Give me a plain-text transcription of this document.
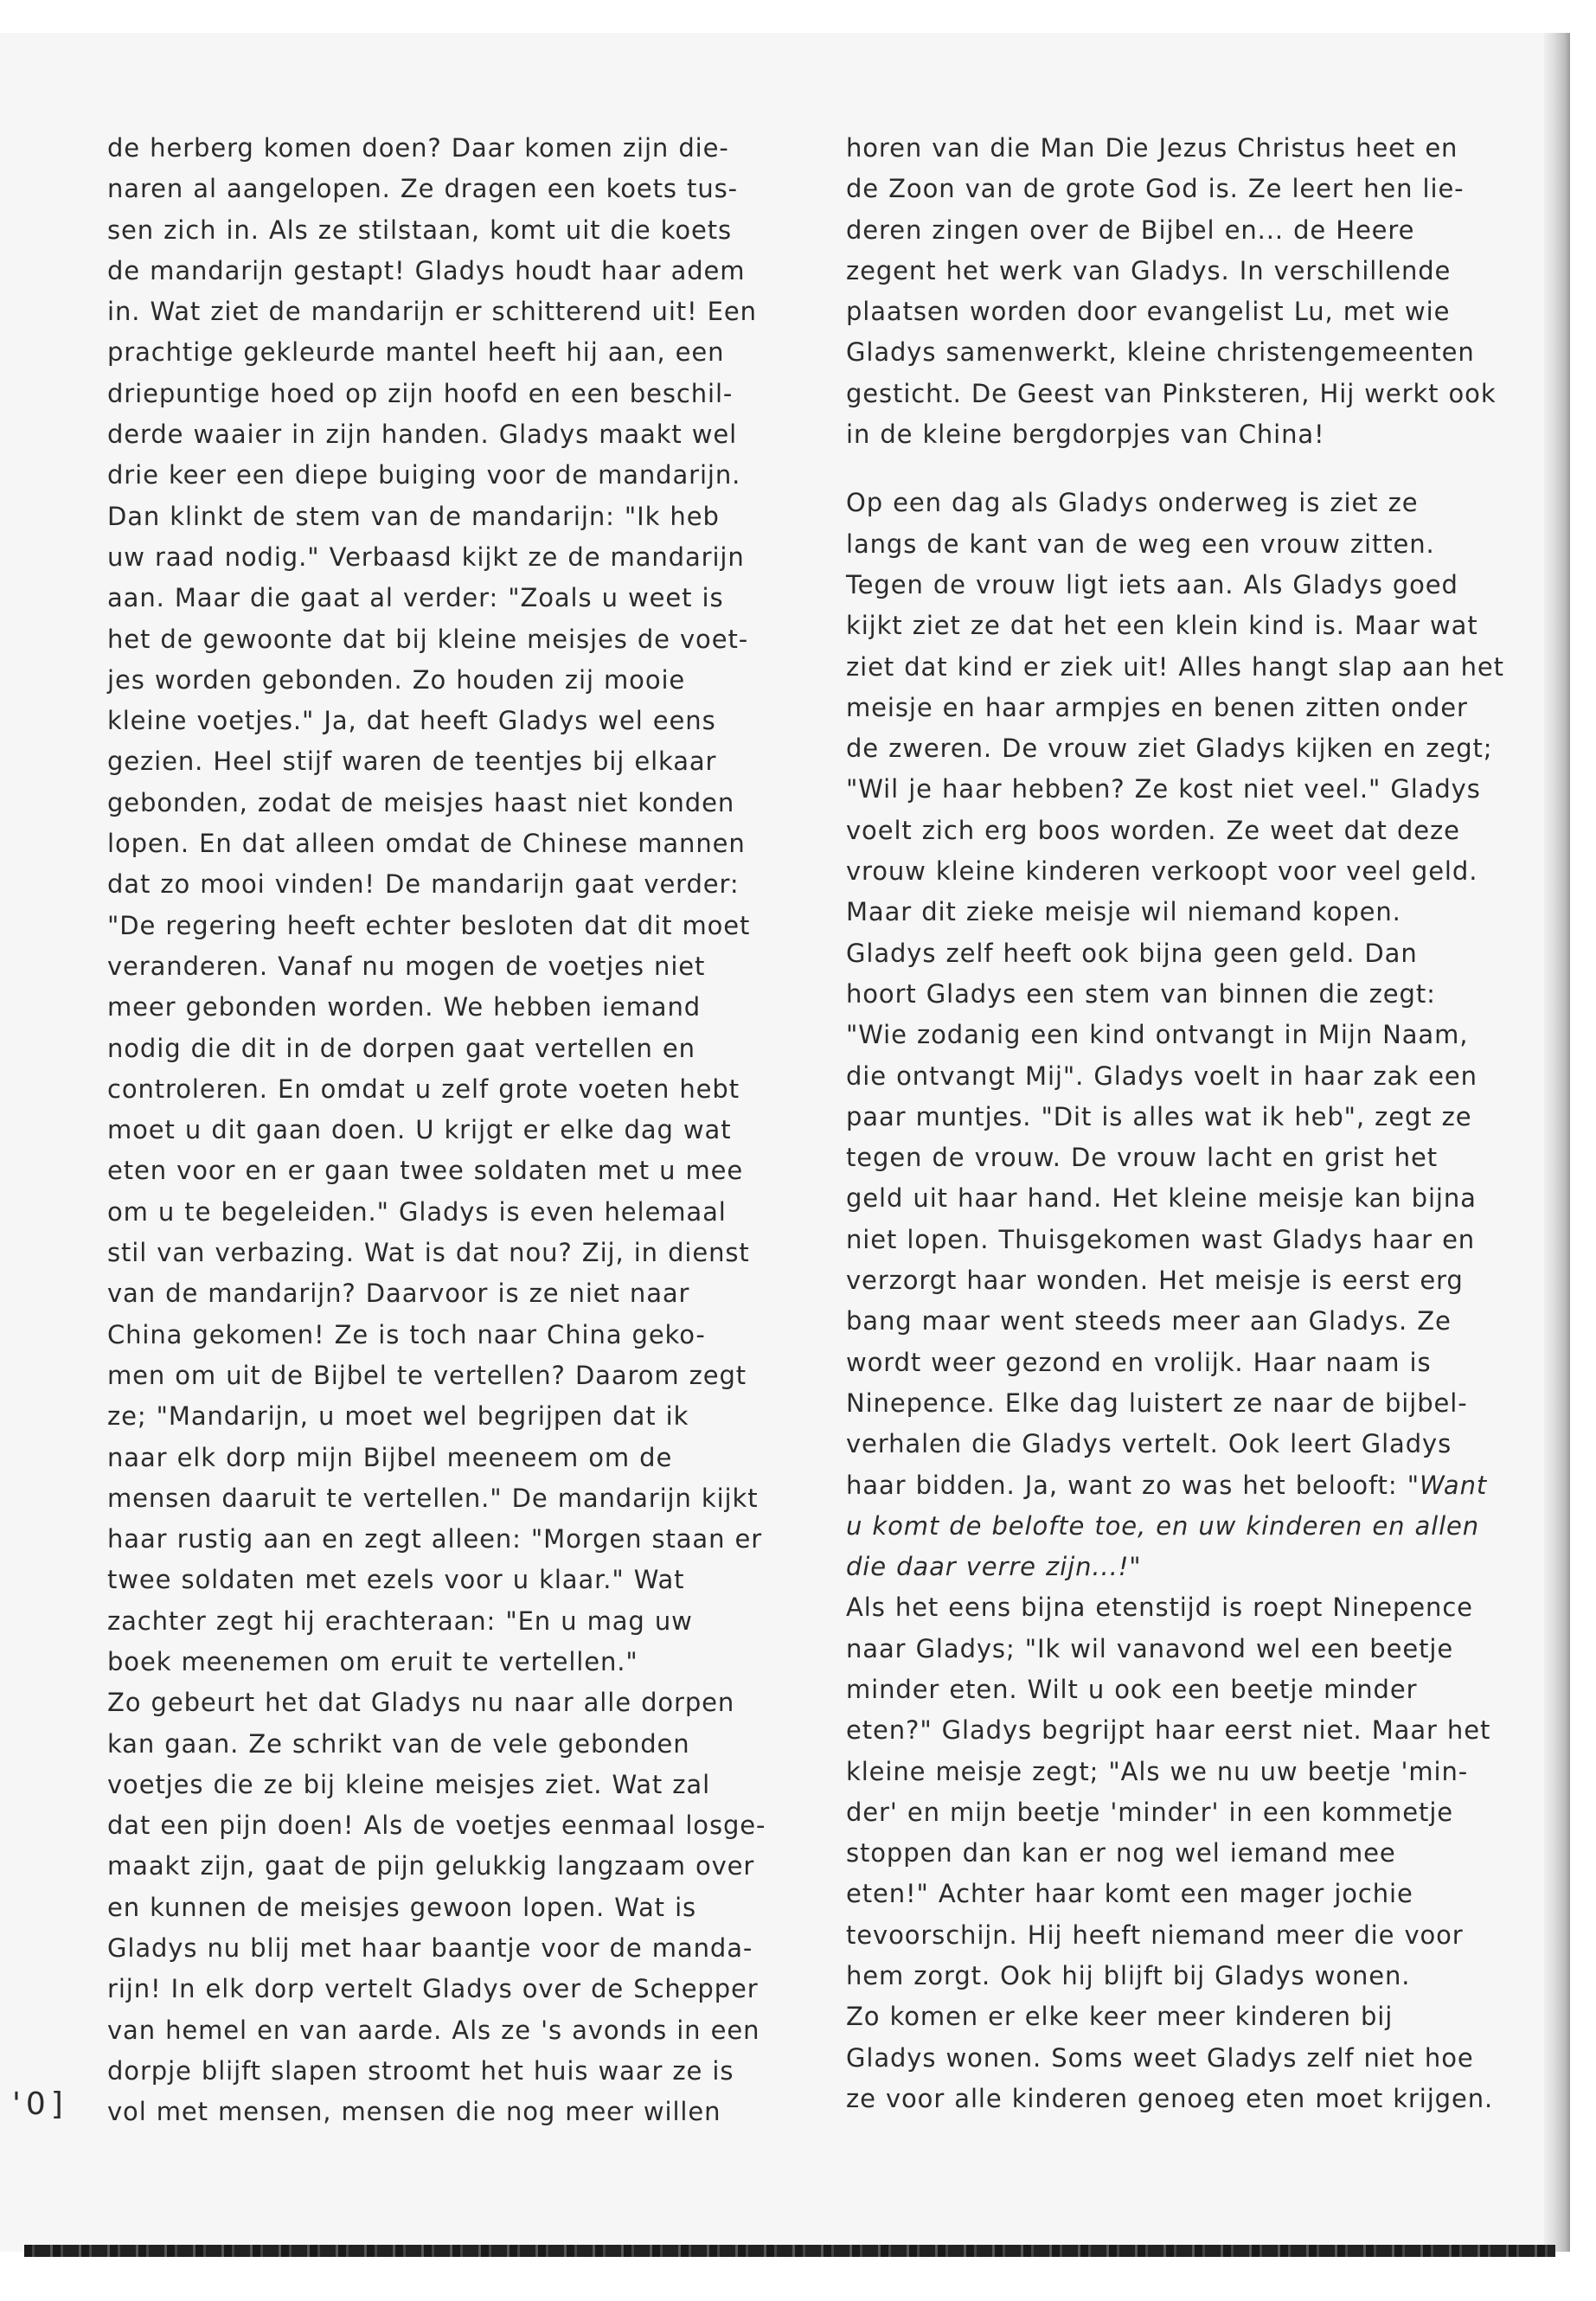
de herberg komen doen? Daar komen zijn die-
naren al aangelopen. Ze dragen een koets tus-
sen zich in. Als ze stilstaan, komt uit die koets
de mandarijn gestapt! Gladys houdt haar adem
in. Wat ziet de mandarijn er schitterend uit! Een
prachtige gekleurde mantel heeft hij aan, een
driepuntige hoed op zijn hoofd en een beschil-
derde waaier in zijn handen. Gladys maakt wel
drie keer een diepe buiging voor de mandarijn.
Dan klinkt de stem van de mandarijn: "Ik heb
uw raad nodig." Verbaasd kijkt ze de mandarijn
aan. Maar die gaat al verder: "Zoals u weet is
het de gewoonte dat bij kleine meisjes de voet-
jes worden gebonden. Zo houden zij mooie
kleine voetjes." Ja, dat heeft Gladys wel eens
gezien. Heel stijf waren de teentjes bij elkaar
gebonden, zodat de meisjes haast niet konden
lopen. En dat alleen omdat de Chinese mannen
dat zo mooi vinden! De mandarijn gaat verder:
"De regering heeft echter besloten dat dit moet
veranderen. Vanaf nu mogen de voetjes niet
meer gebonden worden. We hebben iemand
nodig die dit in de dorpen gaat vertellen en
controleren. En omdat u zelf grote voeten hebt
moet u dit gaan doen. U krijgt er elke dag wat
eten voor en er gaan twee soldaten met u mee
om u te begeleiden." Gladys is even helemaal
stil van verbazing. Wat is dat nou? Zij, in dienst
van de mandarijn? Daarvoor is ze niet naar
China gekomen! Ze is toch naar China geko-
men om uit de Bijbel te vertellen? Daarom zegt
ze; "Mandarijn, u moet wel begrijpen dat ik
naar elk dorp mijn Bijbel meeneem om de
mensen daaruit te vertellen." De mandarijn kijkt
haar rustig aan en zegt alleen: "Morgen staan er
twee soldaten met ezels voor u klaar." Wat
zachter zegt hij erachteraan: "En u mag uw
boek meenemen om eruit te vertellen."
Zo gebeurt het dat Gladys nu naar alle dorpen
kan gaan. Ze schrikt van de vele gebonden
voetjes die ze bij kleine meisjes ziet. Wat zal
dat een pijn doen! Als de voetjes eenmaal losge-
maakt zijn, gaat de pijn gelukkig langzaam over
en kunnen de meisjes gewoon lopen. Wat is
Gladys nu blij met haar baantje voor de manda-
rijn! In elk dorp vertelt Gladys over de Schepper
van hemel en van aarde. Als ze 's avonds in een
dorpje blijft slapen stroomt het huis waar ze is
vol met mensen, mensen die nog meer willen
horen van die Man Die Jezus Christus heet en
de Zoon van de grote God is. Ze leert hen lie-
deren zingen over de Bijbel en... de Heere
zegent het werk van Gladys. In verschillende
plaatsen worden door evangelist Lu, met wie
Gladys samenwerkt, kleine christengemeenten
gesticht. De Geest van Pinksteren, Hij werkt ook
in de kleine bergdorpjes van China!
Op een dag als Gladys onderweg is ziet ze
langs de kant van de weg een vrouw zitten.
Tegen de vrouw ligt iets aan. Als Gladys goed
kijkt ziet ze dat het een klein kind is. Maar wat
ziet dat kind er ziek uit! Alles hangt slap aan het
meisje en haar armpjes en benen zitten onder
de zweren. De vrouw ziet Gladys kijken en zegt;
"Wil je haar hebben? Ze kost niet veel." Gladys
voelt zich erg boos worden. Ze weet dat deze
vrouw kleine kinderen verkoopt voor veel geld.
Maar dit zieke meisje wil niemand kopen.
Gladys zelf heeft ook bijna geen geld. Dan
hoort Gladys een stem van binnen die zegt:
"Wie zodanig een kind ontvangt in Mijn Naam,
die ontvangt Mij". Gladys voelt in haar zak een
paar muntjes. "Dit is alles wat ik heb", zegt ze
tegen de vrouw. De vrouw lacht en grist het
geld uit haar hand. Het kleine meisje kan bijna
niet lopen. Thuisgekomen wast Gladys haar en
verzorgt haar wonden. Het meisje is eerst erg
bang maar went steeds meer aan Gladys. Ze
wordt weer gezond en vrolijk. Haar naam is
Ninepence. Elke dag luistert ze naar de bijbel-
verhalen die Gladys vertelt. Ook leert Gladys
haar bidden. Ja, want zo was het belooft: "Want
u komt de belofte toe, en uw kinderen en allen
die daar verre zijn...!"
Als het eens bijna etenstijd is roept Ninepence
naar Gladys; "Ik wil vanavond wel een beetje
minder eten. Wilt u ook een beetje minder
eten?" Gladys begrijpt haar eerst niet. Maar het
kleine meisje zegt; "Als we nu uw beetje 'min-
der' en mijn beetje 'minder' in een kommetje
stoppen dan kan er nog wel iemand mee
eten!" Achter haar komt een mager jochie
tevoorschijn. Hij heeft niemand meer die voor
hem zorgt. Ook hij blijft bij Gladys wonen.
Zo komen er elke keer meer kinderen bij
Gladys wonen. Soms weet Gladys zelf niet hoe
ze voor alle kinderen genoeg eten moet krijgen.
'0]
